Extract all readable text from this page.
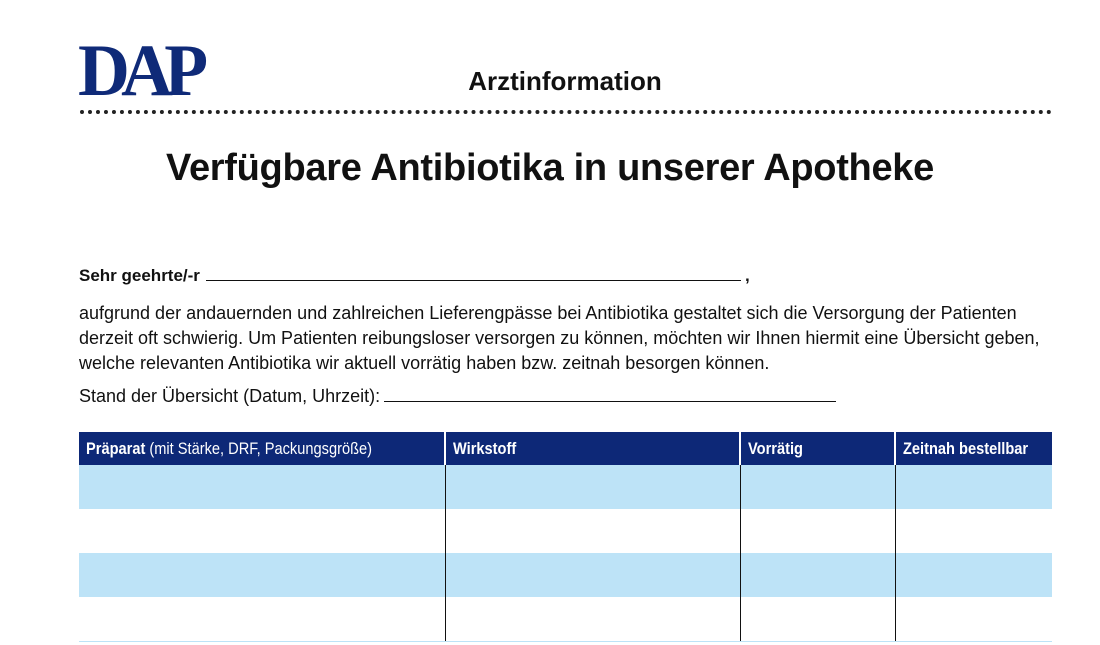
DAP	Arztinformation
Verfügbare Antibiotika in unserer Apotheke
Sehr geehrte/-r	,
aufgrund der andauernden und zahlreichen Lieferengpässe bei Antibiotika gestaltet sich die Versorgung der Patienten derzeit oft schwierig. Um Patienten reibungsloser versorgen zu können, möchten wir Ihnen hiermit eine Übersicht geben, welche relevanten Antibiotika wir aktuell vorrätig haben bzw. zeitnah besorgen können.
Stand der Übersicht (Datum, Uhrzeit):
Präparat (mit Stärke, DRF, Packungsgröße)	Wirkstoff	Vorrätig	Zeitnah bestellbar
